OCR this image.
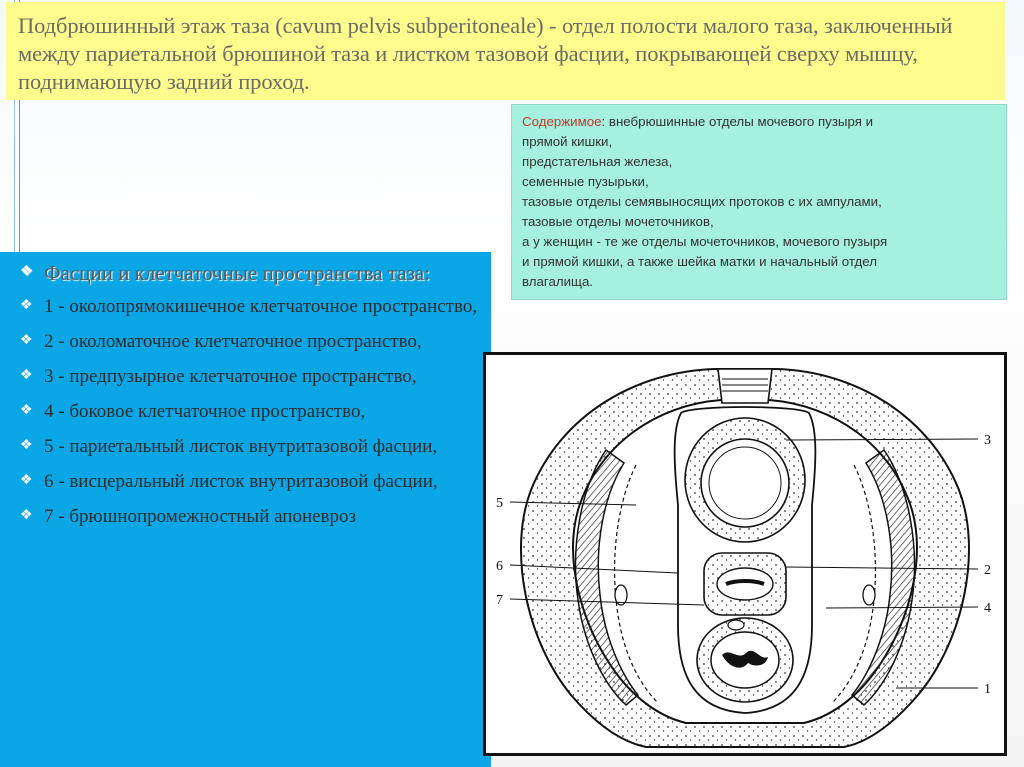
Подбрюшинный этаж таза (cavum pelvis subperitoneale) - отдел полости малого таза, заключенный между париетальной брюшиной таза и листком тазовой фасции, покрывающей сверху мышцу, поднимающую задний проход.
Содержимое: внебрюшинные отделы мочевого пузыря и
прямой кишки,
предстательная железа,
семенные пузырьки,
тазовые отделы семявыносящих протоков с их ампулами,
тазовые отделы мочеточников,
а у женщин - те же отделы мочеточников, мочевого пузыря
и прямой кишки, а также шейка матки и начальный отдел
влагалища.
❖ Фасции и клетчаточные пространства таза:
❖ 1 - околопрямокишечное клетчаточное пространство,
❖ 2 - околоматочное клетчаточное пространство,
❖ 3 - предпузырное клетчаточное пространство,
❖ 4 - боковое клетчаточное пространство,
❖ 5 - париетальный листок внутритазовой фасции,
❖ 6 - висцеральный листок внутритазовой фасции,
❖ 7 - брюшнопромежностный апоневроз
5
6
7
3
2
4
1
